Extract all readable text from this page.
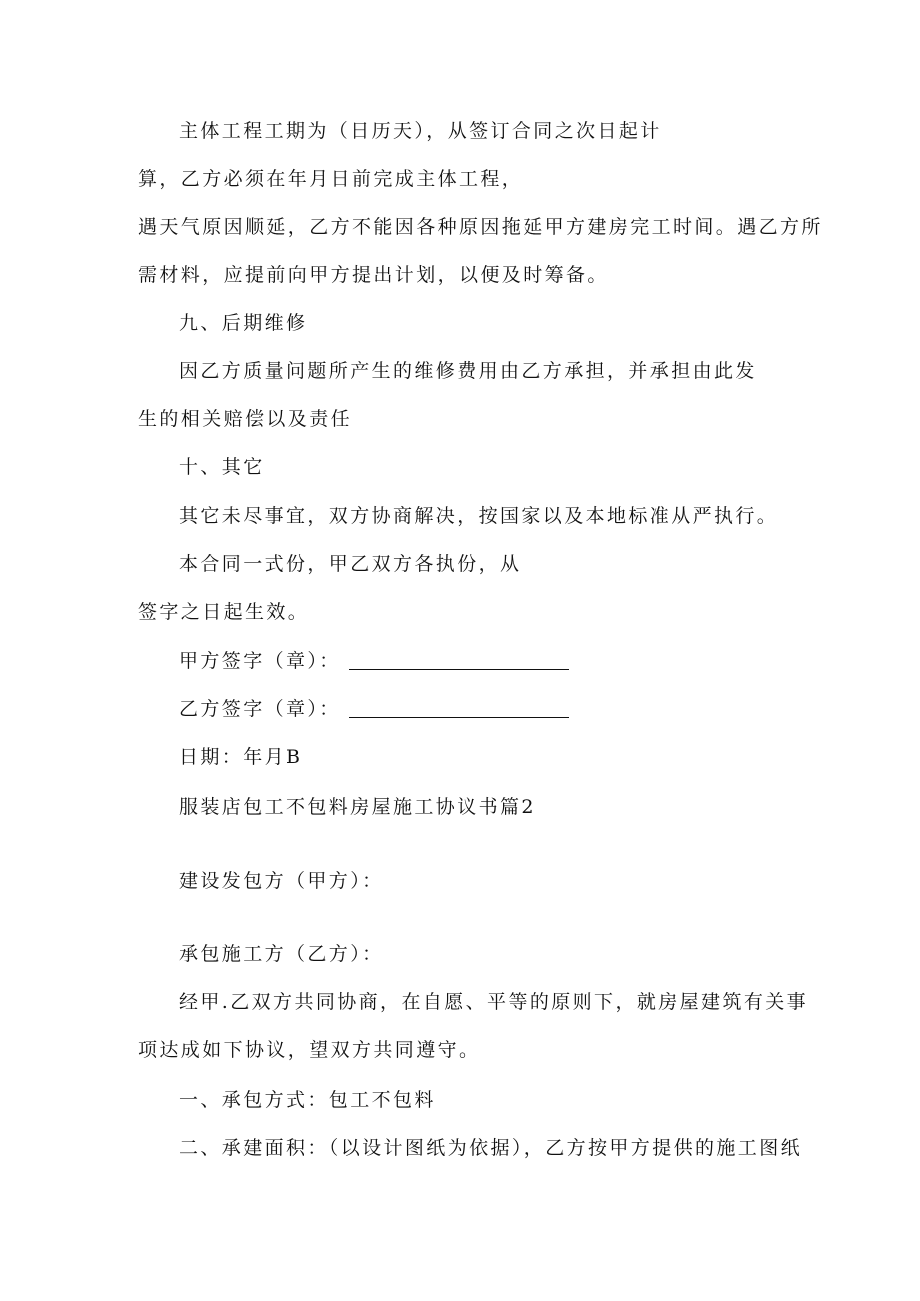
主体工程工期为（日历天），从签订合同之次日起计
算，乙方必须在年月日前完成主体工程，
遇天气原因顺延，乙方不能因各种原因拖延甲方建房完工时间。遇乙方所
需材料，应提前向甲方提出计划，以便及时筹备。
九、后期维修
因乙方质量问题所产生的维修费用由乙方承担，并承担由此发
生的相关赔偿以及责任
十、其它
其它未尽事宜，双方协商解决，按国家以及本地标准从严执行。
本合同一式份，甲乙双方各执份，从
签字之日起生效。
甲方签字（章）：
乙方签字（章）：
日期：年月B
服装店包工不包料房屋施工协议书篇2
建设发包方（甲方）：
承包施工方（乙方）：
经甲.乙双方共同协商，在自愿、平等的原则下，就房屋建筑有关事
项达成如下协议，望双方共同遵守。
一、承包方式：包工不包料
二、承建面积：（以设计图纸为依据），乙方按甲方提供的施工图纸
